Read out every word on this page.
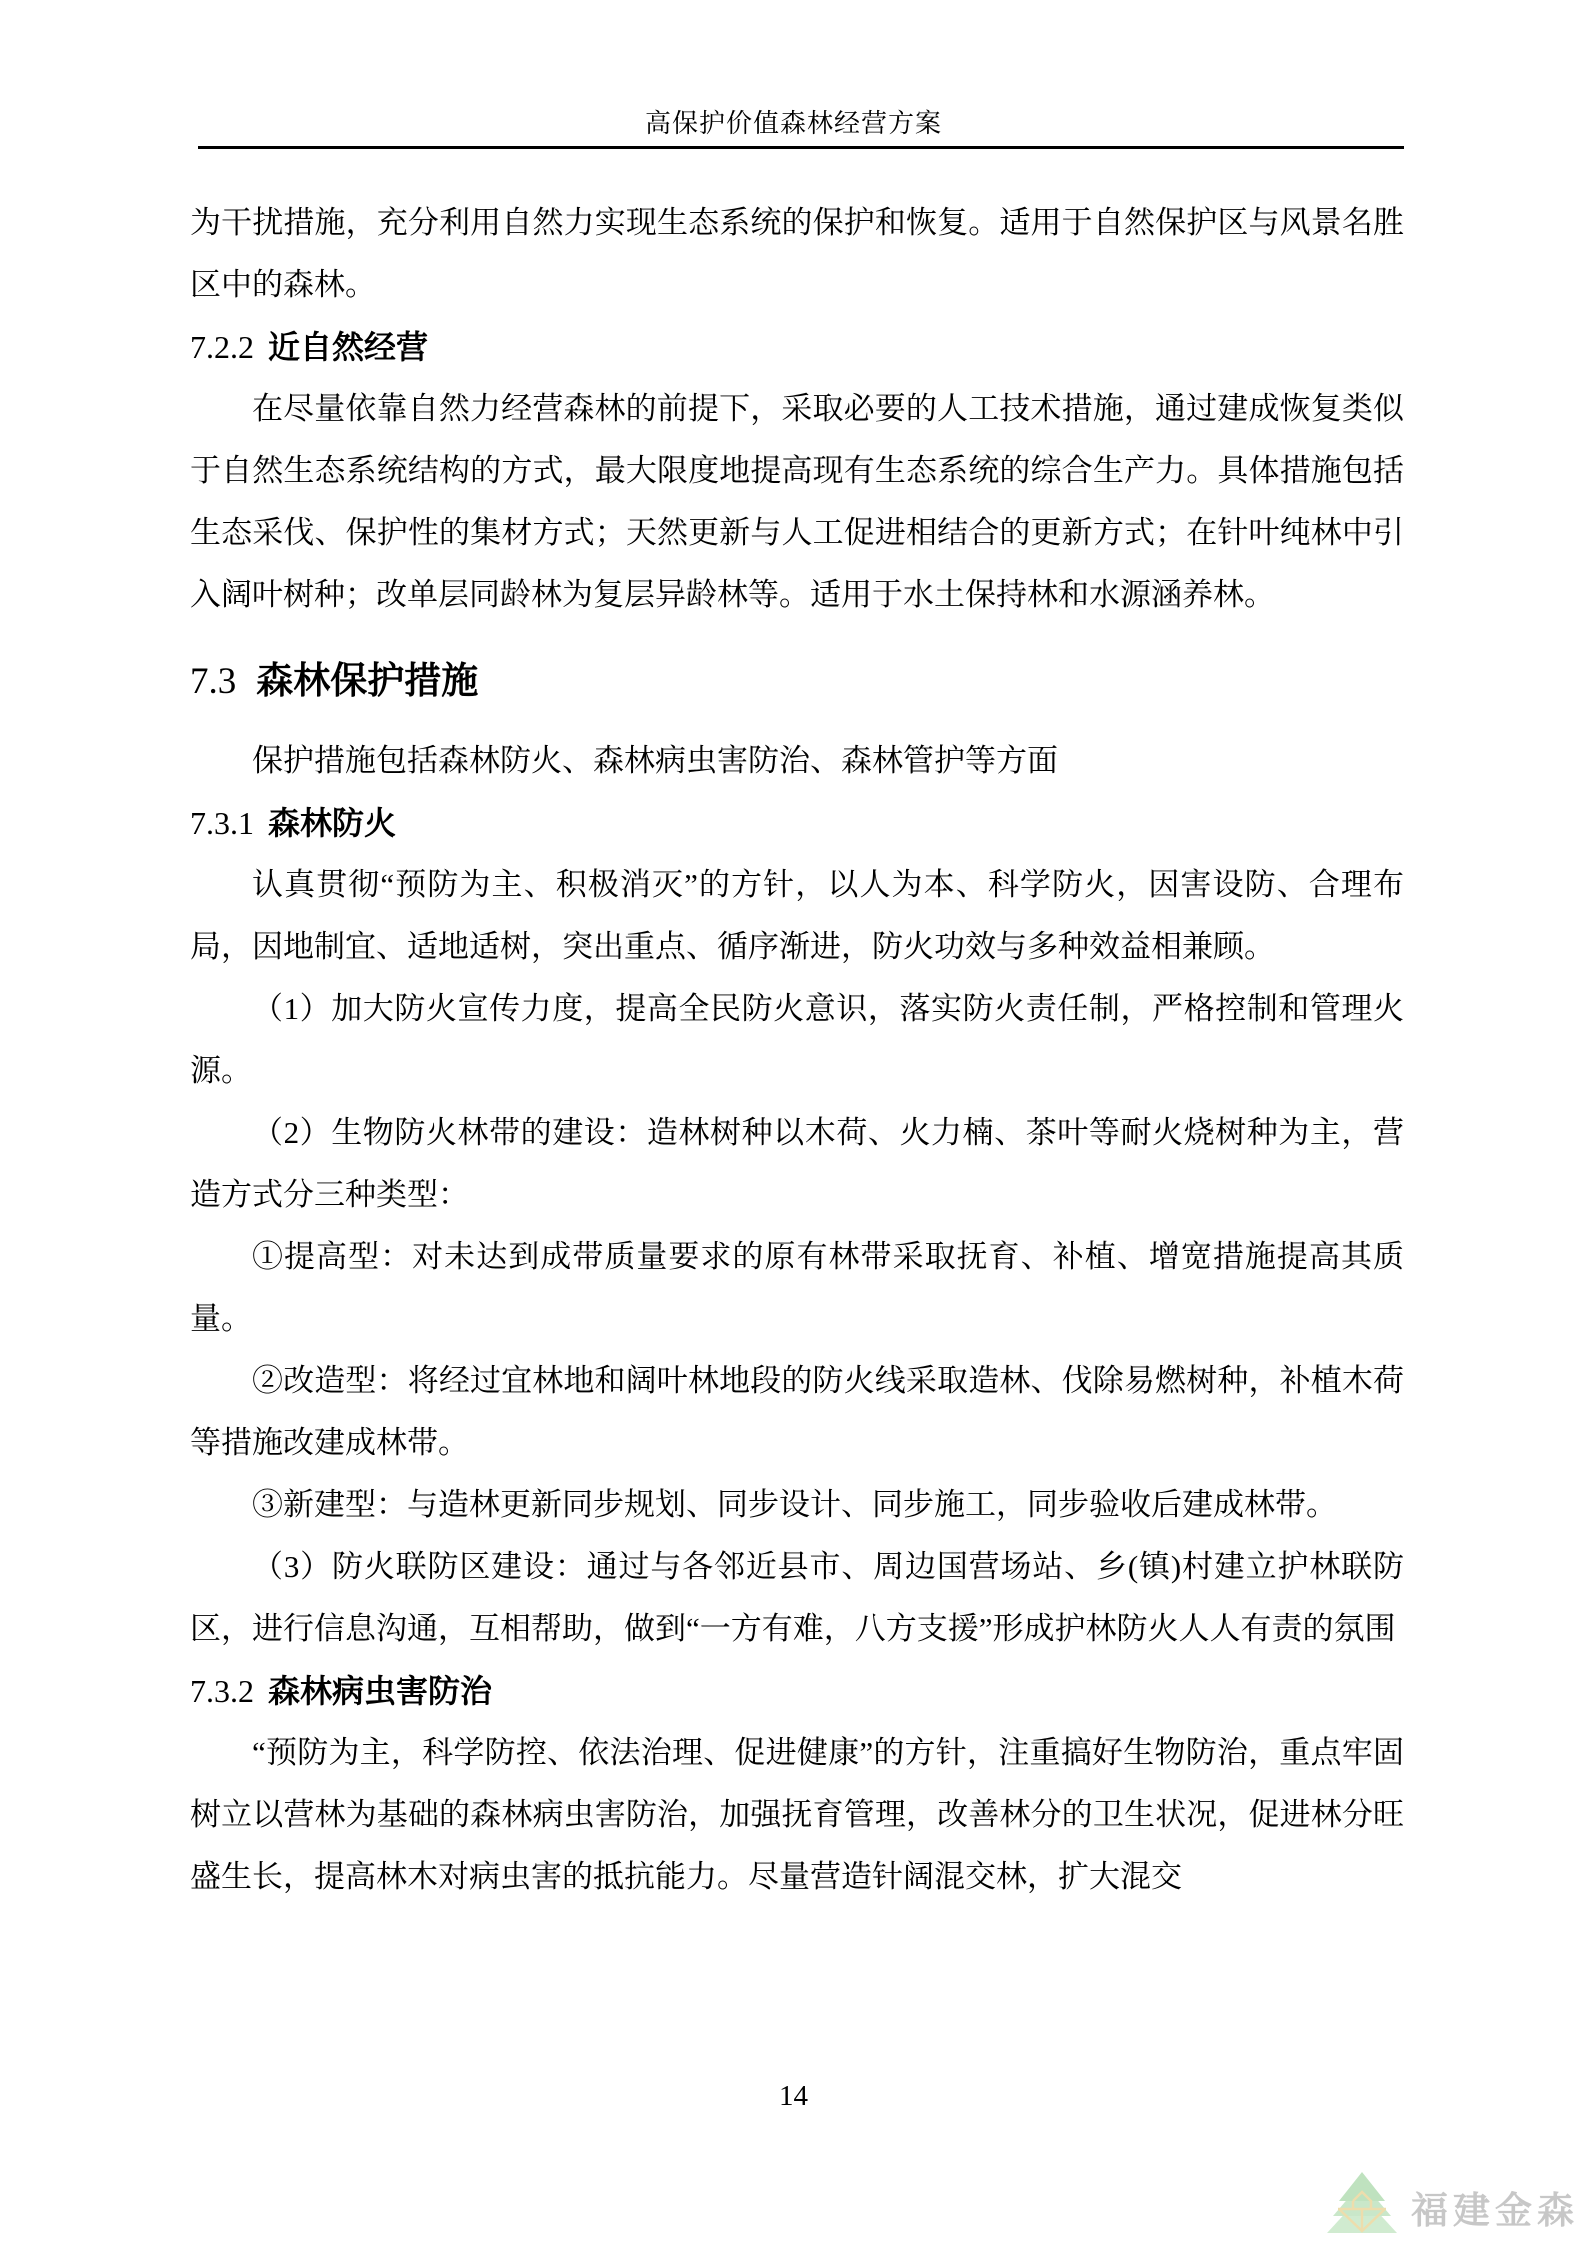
高保护价值森林经营方案

为干扰措施，充分利用自然力实现生态系统的保护和恢复。适用于自然保护区与风景名胜区中的森林。

7.2.2 近自然经营

在尽量依靠自然力经营森林的前提下，采取必要的人工技术措施，通过建成恢复类似于自然生态系统结构的方式，最大限度地提高现有生态系统的综合生产力。具体措施包括生态采伐、保护性的集材方式；天然更新与人工促进相结合的更新方式；在针叶纯林中引入阔叶树种；改单层同龄林为复层异龄林等。适用于水土保持林和水源涵养林。

7.3 森林保护措施

保护措施包括森林防火、森林病虫害防治、森林管护等方面

7.3.1 森林防火

认真贯彻“预防为主、积极消灭”的方针，以人为本、科学防火，因害设防、合理布局，因地制宜、适地适树，突出重点、循序渐进，防火功效与多种效益相兼顾。

（1）加大防火宣传力度，提高全民防火意识，落实防火责任制，严格控制和管理火源。

（2）生物防火林带的建设：造林树种以木荷、火力楠、茶叶等耐火烧树种为主，营造方式分三种类型：

①提高型：对未达到成带质量要求的原有林带采取抚育、补植、增宽措施提高其质量。

②改造型：将经过宜林地和阔叶林地段的防火线采取造林、伐除易燃树种，补植木荷等措施改建成林带。

③新建型：与造林更新同步规划、同步设计、同步施工，同步验收后建成林带。

（3）防火联防区建设：通过与各邻近县市、周边国营场站、乡(镇)村建立护林联防区，进行信息沟通，互相帮助，做到“一方有难，八方支援”形成护林防火人人有责的氛围

7.3.2 森林病虫害防治

“预防为主，科学防控、依法治理、促进健康”的方针，注重搞好生物防治，重点牢固树立以营林为基础的森林病虫害防治，加强抚育管理，改善林分的卫生状况，促进林分旺盛生长，提高林木对病虫害的抵抗能力。尽量营造针阔混交林，扩大混交

14
福建金森
